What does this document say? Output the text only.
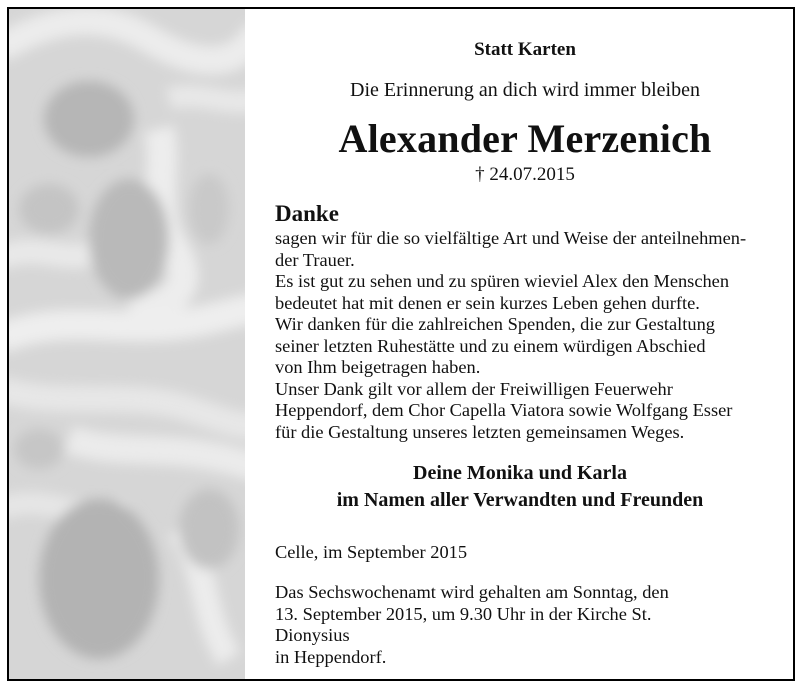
Statt Karten
Die Erinnerung an dich wird immer bleiben
Alexander Merzenich
† 24.07.2015
Danke

sagen wir für die so vielfältige Art und Weise der anteilnehmen-

der Trauer.

Es ist gut zu sehen und zu spüren wieviel Alex den Menschen

bedeutet hat mit denen er sein kurzes Leben gehen durfte.

Wir danken für die zahlreichen Spenden, die zur Gestaltung

seiner letzten Ruhestätte und zu einem würdigen Abschied

von Ihm beigetragen haben.

Unser Dank gilt vor allem der Freiwilligen Feuerwehr

Heppendorf, dem Chor Capella Viatora sowie Wolfgang Esser

für die Gestaltung unseres letzten gemeinsamen Weges.

Deine Monika und Karla
im Namen aller Verwandten und Freunden
Celle, im September 2015

Das Sechswochenamt wird gehalten am Sonntag, den

13. September 2015, um 9.30 Uhr in der Kirche St. Dionysius

in Heppendorf.
